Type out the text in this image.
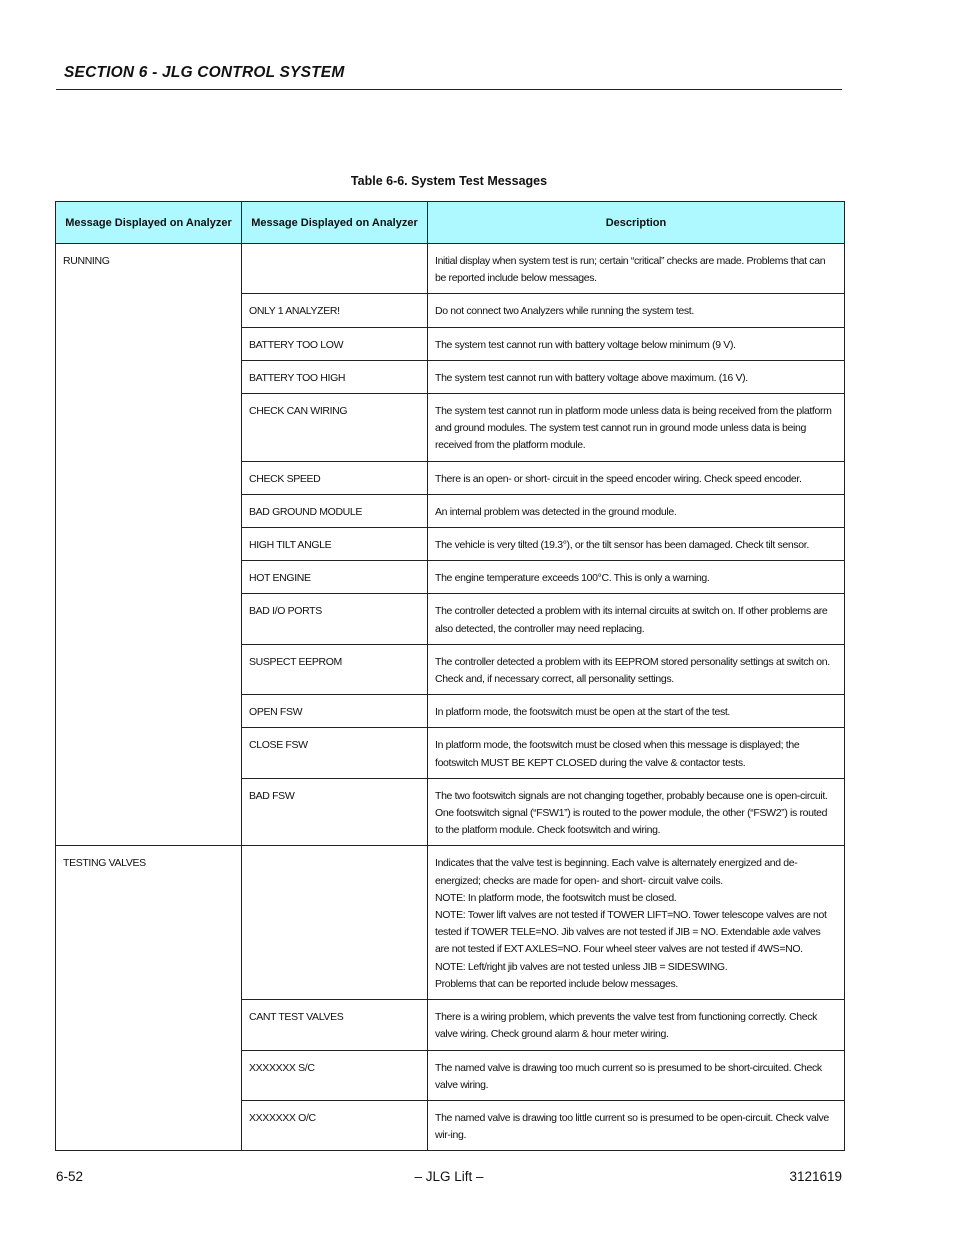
SECTION 6 - JLG CONTROL SYSTEM
Table 6-6. System Test Messages
Message Displayed on Analyzer	Message Displayed on Analyzer	Description
RUNNING		Initial display when system test is run; certain “critical” checks are made. Problems that can be reported include below messages.

	ONLY 1 ANALYZER!	Do not connect two Analyzers while running the system test.

	BATTERY TOO LOW	The system test cannot run with battery voltage below minimum (9 V).

	BATTERY TOO HIGH	The system test cannot run with battery voltage above maximum. (16 V).

	CHECK CAN WIRING	The system test cannot run in platform mode unless data is being received from the platform and ground modules. The system test cannot run in ground mode unless data is being received from the platform module.

	CHECK SPEED	There is an open- or short- circuit in the speed encoder wiring. Check speed encoder.

	BAD GROUND MODULE	An internal problem was detected in the ground module.

	HIGH TILT ANGLE	The vehicle is very tilted (19.3°), or the tilt sensor has been damaged. Check tilt sensor.

	HOT ENGINE	The engine temperature exceeds 100°C. This is only a warning.

	BAD I/O PORTS	The controller detected a problem with its internal circuits at switch on. If other problems are also detected, the controller may need replacing.

	SUSPECT EEPROM	The controller detected a problem with its EEPROM stored personality settings at switch on. Check and, if necessary correct, all personality settings.

	OPEN FSW	In platform mode, the footswitch must be open at the start of the test.

	CLOSE FSW	In platform mode, the footswitch must be closed when this message is displayed; the footswitch MUST BE KEPT CLOSED during the valve & contactor tests.

	BAD FSW	The two footswitch signals are not changing together, probably because one is open-circuit. One footswitch signal (“FSW1”) is routed to the power module, the other (“FSW2”) is routed to the platform module. Check footswitch and wiring.

TESTING VALVES		Indicates that the valve test is beginning. Each valve is alternately energized and de-energized; checks are made for open- and short- circuit valve coils.
NOTE: In platform mode, the footswitch must be closed.
NOTE: Tower lift valves are not tested if TOWER LIFT=NO. Tower telescope valves are not tested if TOWER TELE=NO. Jib valves are not tested if JIB = NO. Extendable axle valves are not tested if EXT AXLES=NO. Four wheel steer valves are not tested if 4WS=NO.
NOTE: Left/right jib valves are not tested unless JIB = SIDESWING.
Problems that can be reported include below messages.

	CANT TEST VALVES	There is a wiring problem, which prevents the valve test from functioning correctly. Check valve wiring. Check ground alarm & hour meter wiring.

	XXXXXXX S/C	The named valve is drawing too much current so is presumed to be short-circuited. Check valve wiring.

	XXXXXXX O/C	The named valve is drawing too little current so is presumed to be open-circuit. Check valve wir-ing.
6-52	– JLG Lift –	3121619
